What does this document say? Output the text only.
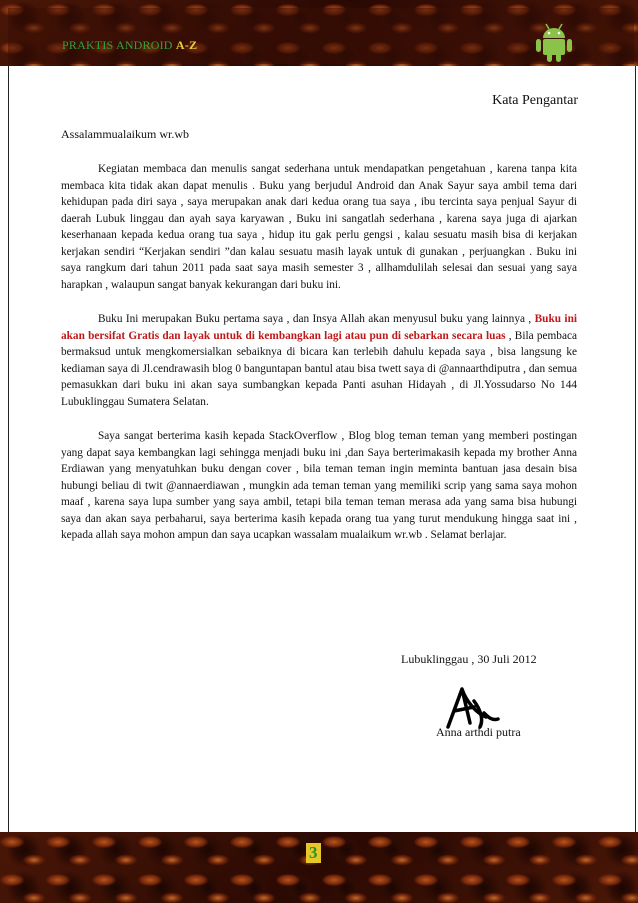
PRAKTIS ANDROID A-Z
Kata Pengantar
Assalammualaikum wr.wb

Kegiatan membaca dan menulis sangat sederhana untuk mendapatkan pengetahuan , karena tanpa kita membaca kita tidak akan dapat menulis . Buku yang berjudul Android dan Anak Sayur saya ambil tema dari kehidupan pada diri saya , saya merupakan anak dari kedua orang tua saya , ibu tercinta saya penjual Sayur di daerah Lubuk linggau dan ayah saya karyawan , Buku ini sangatlah sederhana , karena saya juga di ajarkan keserhanaan kepada kedua orang tua saya , hidup itu gak perlu gengsi , kalau sesuatu masih bisa di kerjakan kerjakan sendiri “Kerjakan sendiri ”dan kalau sesuatu masih layak untuk di gunakan , perjuangkan . Buku ini saya rangkum dari tahun 2011 pada saat saya masih semester 3 , allhamdulilah selesai dan sesuai yang saya harapkan , walaupun sangat banyak kekurangan dari buku ini.

Buku Ini merupakan Buku pertama saya , dan Insya Allah akan menyusul buku yang lainnya , Buku ini akan bersifat Gratis dan layak untuk di kembangkan lagi atau pun di sebarkan secara luas , Bila pembaca bermaksud untuk mengkomersialkan sebaiknya di bicara kan terlebih dahulu kepada saya , bisa langsung ke kediaman saya di Jl.cendrawasih blog 0 banguntapan bantul atau bisa twett saya di @annaarthdiputra , dan semua pemasukkan dari buku ini akan saya sumbangkan kepada Panti asuhan Hidayah , di Jl.Yossudarso No 144 Lubuklinggau Sumatera Selatan.

Saya sangat berterima kasih kepada StackOverflow , Blog blog teman teman yang memberi postingan yang dapat saya kembangkan lagi sehingga menjadi buku ini ,dan Saya berterimakasih kepada my brother Anna Erdiawan yang menyatuhkan buku dengan cover , bila teman teman ingin meminta bantuan jasa desain bisa hubungi beliau di twit @annaerdiawan , mungkin ada teman teman yang memiliki scrip yang sama saya mohon maaf , karena saya lupa sumber yang saya ambil, tetapi bila teman teman merasa ada yang sama bisa hubungi saya dan akan saya perbaharui, saya berterima kasih kepada orang tua yang turut mendukung hingga saat ini , kepada allah saya mohon ampun dan saya ucapkan wassalam mualaikum wr.wb . Selamat berlajar.

Lubuklinggau , 30 Juli 2012
Anna arthdi putra
3
